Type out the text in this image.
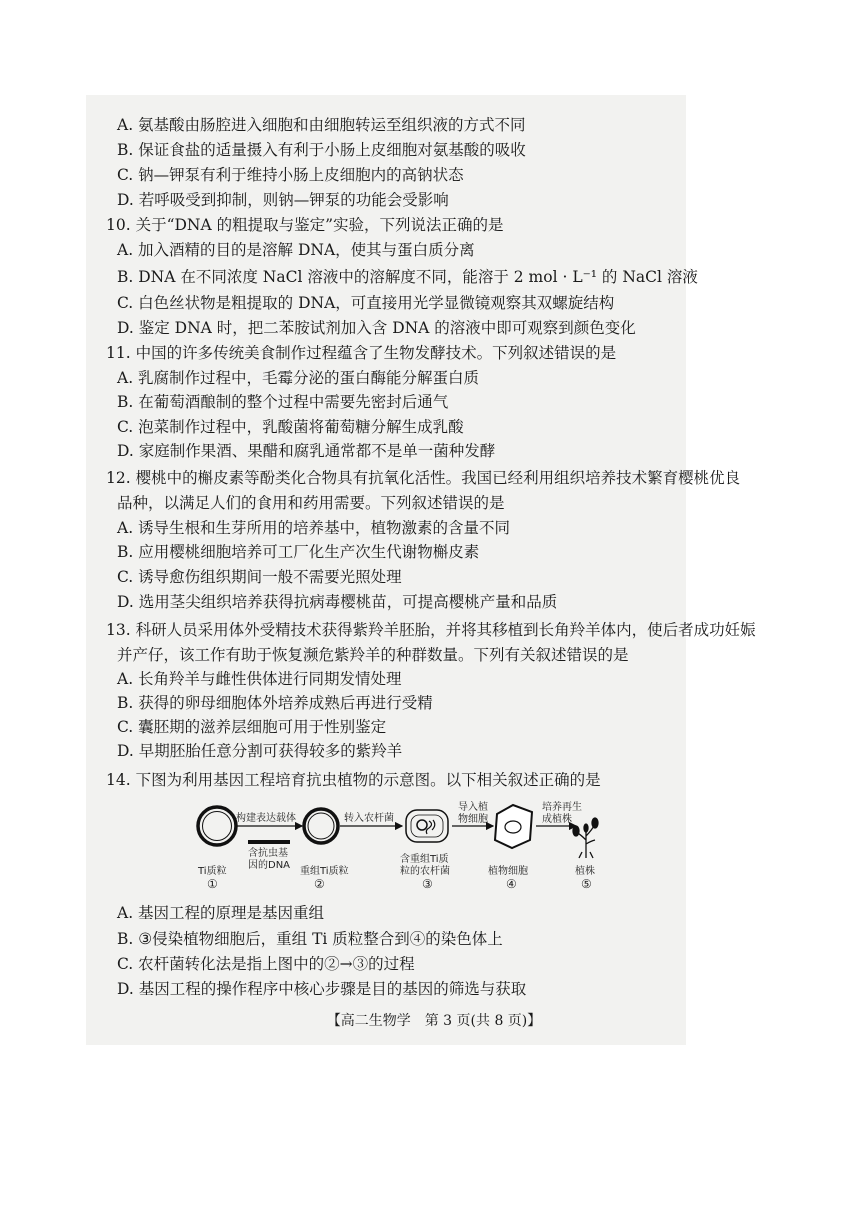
A. 氨基酸由肠腔进入细胞和由细胞转运至组织液的方式不同
B. 保证食盐的适量摄入有利于小肠上皮细胞对氨基酸的吸收
C. 钠—钾泵有利于维持小肠上皮细胞内的高钠状态
D. 若呼吸受到抑制，则钠—钾泵的功能会受影响
10. 关于“DNA 的粗提取与鉴定”实验，下列说法正确的是
A. 加入酒精的目的是溶解 DNA，使其与蛋白质分离
B. DNA 在不同浓度 NaCl 溶液中的溶解度不同，能溶于 2 mol · L⁻¹ 的 NaCl 溶液
C. 白色丝状物是粗提取的 DNA，可直接用光学显微镜观察其双螺旋结构
D. 鉴定 DNA 时，把二苯胺试剂加入含 DNA 的溶液中即可观察到颜色变化
11. 中国的许多传统美食制作过程蕴含了生物发酵技术。下列叙述错误的是
A. 乳腐制作过程中，毛霉分泌的蛋白酶能分解蛋白质
B. 在葡萄酒酿制的整个过程中需要先密封后通气
C. 泡菜制作过程中，乳酸菌将葡萄糖分解生成乳酸
D. 家庭制作果酒、果醋和腐乳通常都不是单一菌种发酵
12. 樱桃中的槲皮素等酚类化合物具有抗氧化活性。我国已经利用组织培养技术繁育樱桃优良
品种，以满足人们的食用和药用需要。下列叙述错误的是
A. 诱导生根和生芽所用的培养基中，植物激素的含量不同
B. 应用樱桃细胞培养可工厂化生产次生代谢物槲皮素
C. 诱导愈伤组织期间一般不需要光照处理
D. 选用茎尖组织培养获得抗病毒樱桃苗，可提高樱桃产量和品质
13. 科研人员采用体外受精技术获得紫羚羊胚胎，并将其移植到长角羚羊体内，使后者成功妊娠
并产仔，该工作有助于恢复濒危紫羚羊的种群数量。下列有关叙述错误的是
A. 长角羚羊与雌性供体进行同期发情处理
B. 获得的卵母细胞体外培养成熟后再进行受精
C. 囊胚期的滋养层细胞可用于性别鉴定
D. 早期胚胎任意分割可获得较多的紫羚羊
14. 下图为利用基因工程培育抗虫植物的示意图。以下相关叙述正确的是
构建表达载体
含抗虫基
因的DNA
转入农杆菌
导入植
物细胞
培养再生
成植株
Ti质粒
①
重组Ti质粒
②
含重组Ti质
粒的农杆菌
③
植物细胞
④
植株
⑤
A. 基因工程的原理是基因重组
B. ③侵染植物细胞后，重组 Ti 质粒整合到④的染色体上
C. 农杆菌转化法是指上图中的②→③的过程
D. 基因工程的操作程序中核心步骤是目的基因的筛选与获取
【高二生物学　第 3 页(共 8 页)】
